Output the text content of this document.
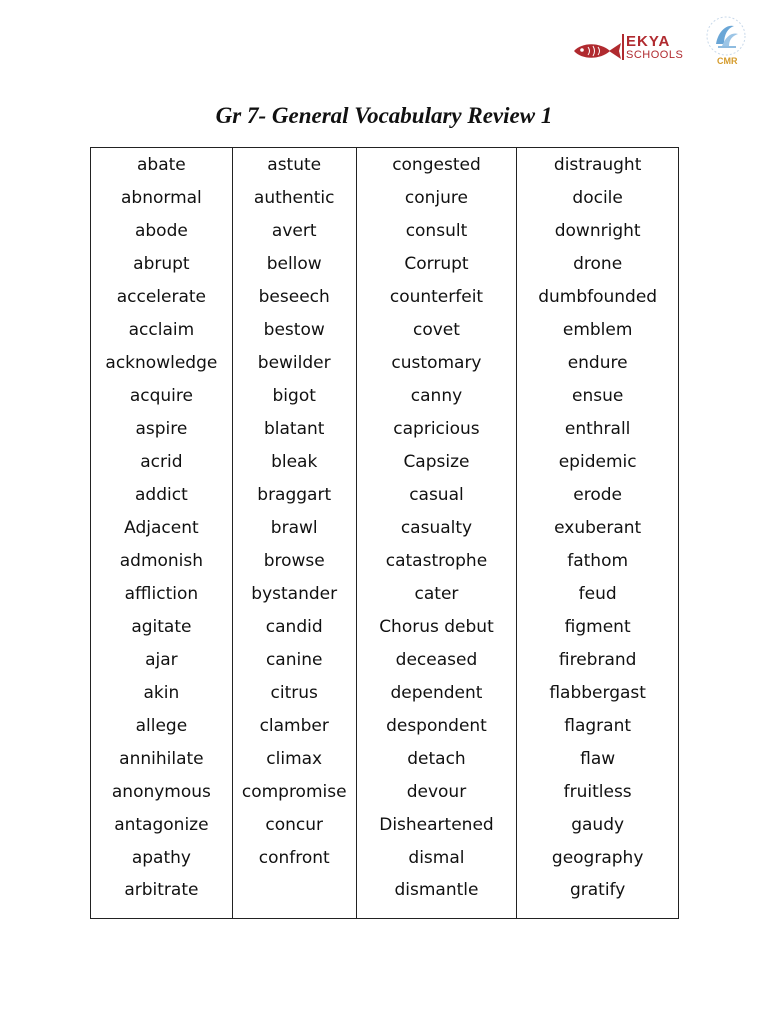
EKYA
SCHOOLS	CMR
Gr 7- General Vocabulary Review 1
abate	astute	congested	distraught
abnormal	authentic	conjure	docile
abode	avert	consult	downright
abrupt	bellow	Corrupt	drone
accelerate	beseech	counterfeit	dumbfounded
acclaim	bestow	covet	emblem
acknowledge	bewilder	customary	endure
acquire	bigot	canny	ensue
aspire	blatant	capricious	enthrall
acrid	bleak	Capsize	epidemic
addict	braggart	casual	erode
Adjacent	brawl	casualty	exuberant
admonish	browse	catastrophe	fathom
affliction	bystander	cater	feud
agitate	candid	Chorus debut	figment
ajar	canine	deceased	firebrand
akin	citrus	dependent	flabbergast
allege	clamber	despondent	flagrant
annihilate	climax	detach	flaw
anonymous	compromise	devour	fruitless
antagonize	concur	Disheartened	gaudy
apathy	confront	dismal	geography
arbitrate		dismantle	gratify
